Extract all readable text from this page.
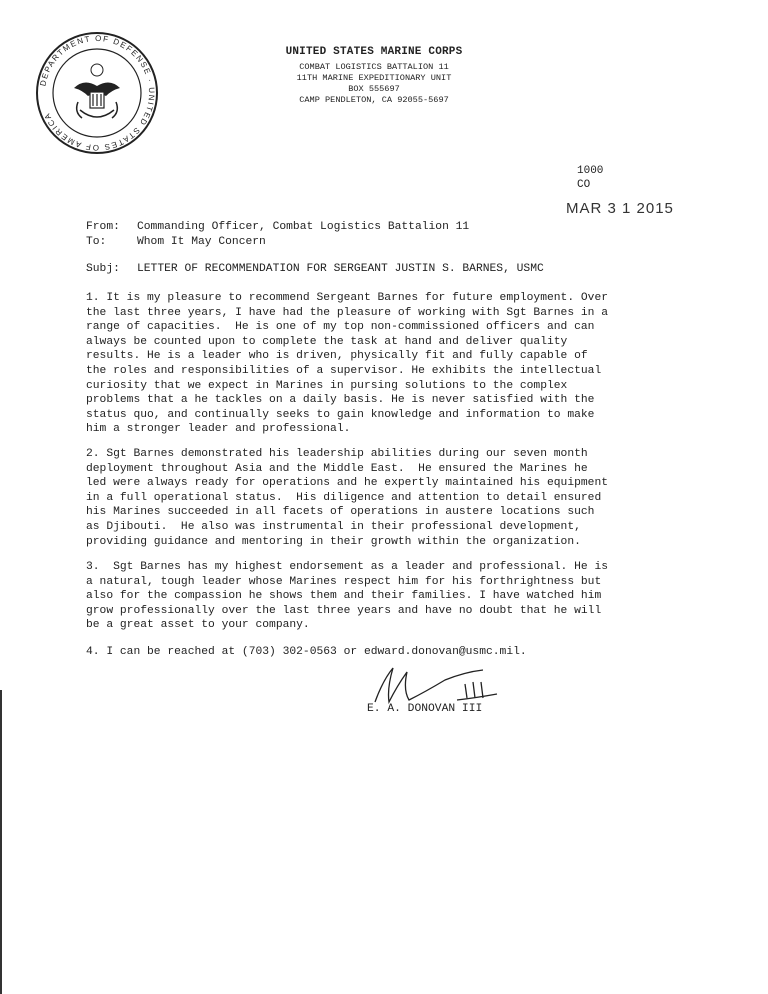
DEPARTMENT OF DEFENSE · UNITED STATES OF AMERICA
UNITED STATES MARINE CORPS
COMBAT LOGISTICS BATTALION 11
11TH MARINE EXPEDITIONARY UNIT
BOX 555697
CAMP PENDLETON, CA 92055-5697
1000
CO
MAR 3 1 2015
From: Commanding Officer, Combat Logistics Battalion 11
To:	Whom It May Concern
Subj: LETTER OF RECOMMENDATION FOR SERGEANT JUSTIN S. BARNES, USMC
1. It is my pleasure to recommend Sergeant Barnes for future employment. Over
the last three years, I have had the pleasure of working with Sgt Barnes in a
range of capacities.  He is one of my top non-commissioned officers and can
always be counted upon to complete the task at hand and deliver quality
results. He is a leader who is driven, physically fit and fully capable of
the roles and responsibilities of a supervisor. He exhibits the intellectual
curiosity that we expect in Marines in pursing solutions to the complex
problems that a he tackles on a daily basis. He is never satisfied with the
status quo, and continually seeks to gain knowledge and information to make
him a stronger leader and professional.
2. Sgt Barnes demonstrated his leadership abilities during our seven month
deployment throughout Asia and the Middle East.  He ensured the Marines he
led were always ready for operations and he expertly maintained his equipment
in a full operational status.  His diligence and attention to detail ensured
his Marines succeeded in all facets of operations in austere locations such
as Djibouti.  He also was instrumental in their professional development,
providing guidance and mentoring in their growth within the organization.
3.  Sgt Barnes has my highest endorsement as a leader and professional. He is
a natural, tough leader whose Marines respect him for his forthrightness but
also for the compassion he shows them and their families. I have watched him
grow professionally over the last three years and have no doubt that he will
be a great asset to your company.
4. I can be reached at (703) 302-0563 or edward.donovan@usmc.mil.
E. A. DONOVAN III
